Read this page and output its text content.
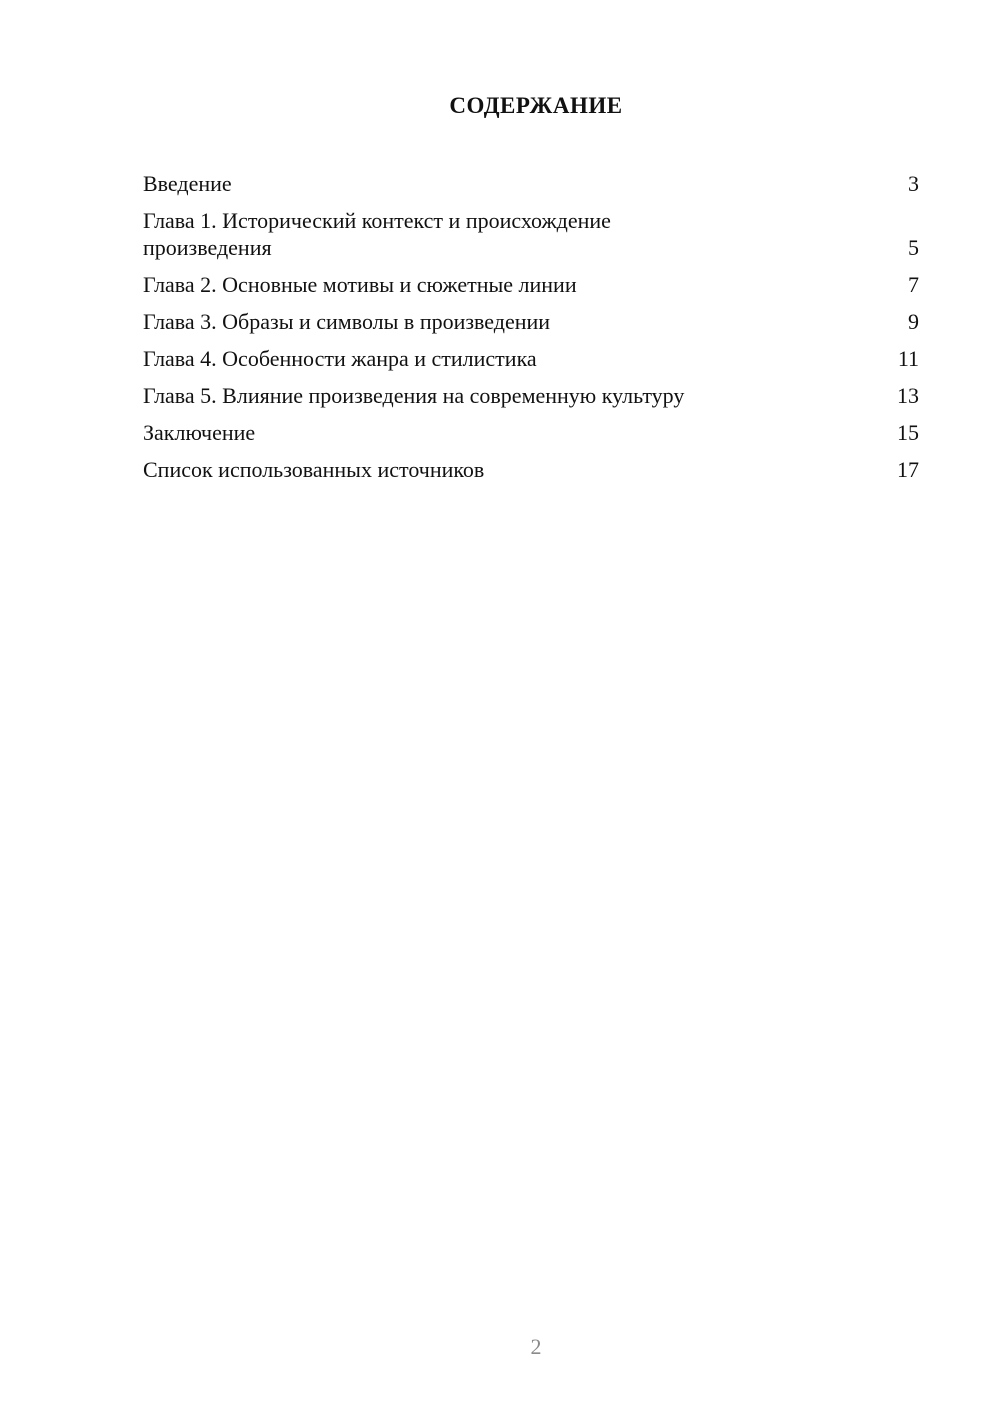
СОДЕРЖАНИЕ
Введение	3
Глава 1. Исторический контекст и происхождение произведения	5
Глава 2. Основные мотивы и сюжетные линии	7
Глава 3. Образы и символы в произведении	9
Глава 4. Особенности жанра и стилистика	11
Глава 5. Влияние произведения на современную культуру	13
Заключение	15
Список использованных источников	17
2
